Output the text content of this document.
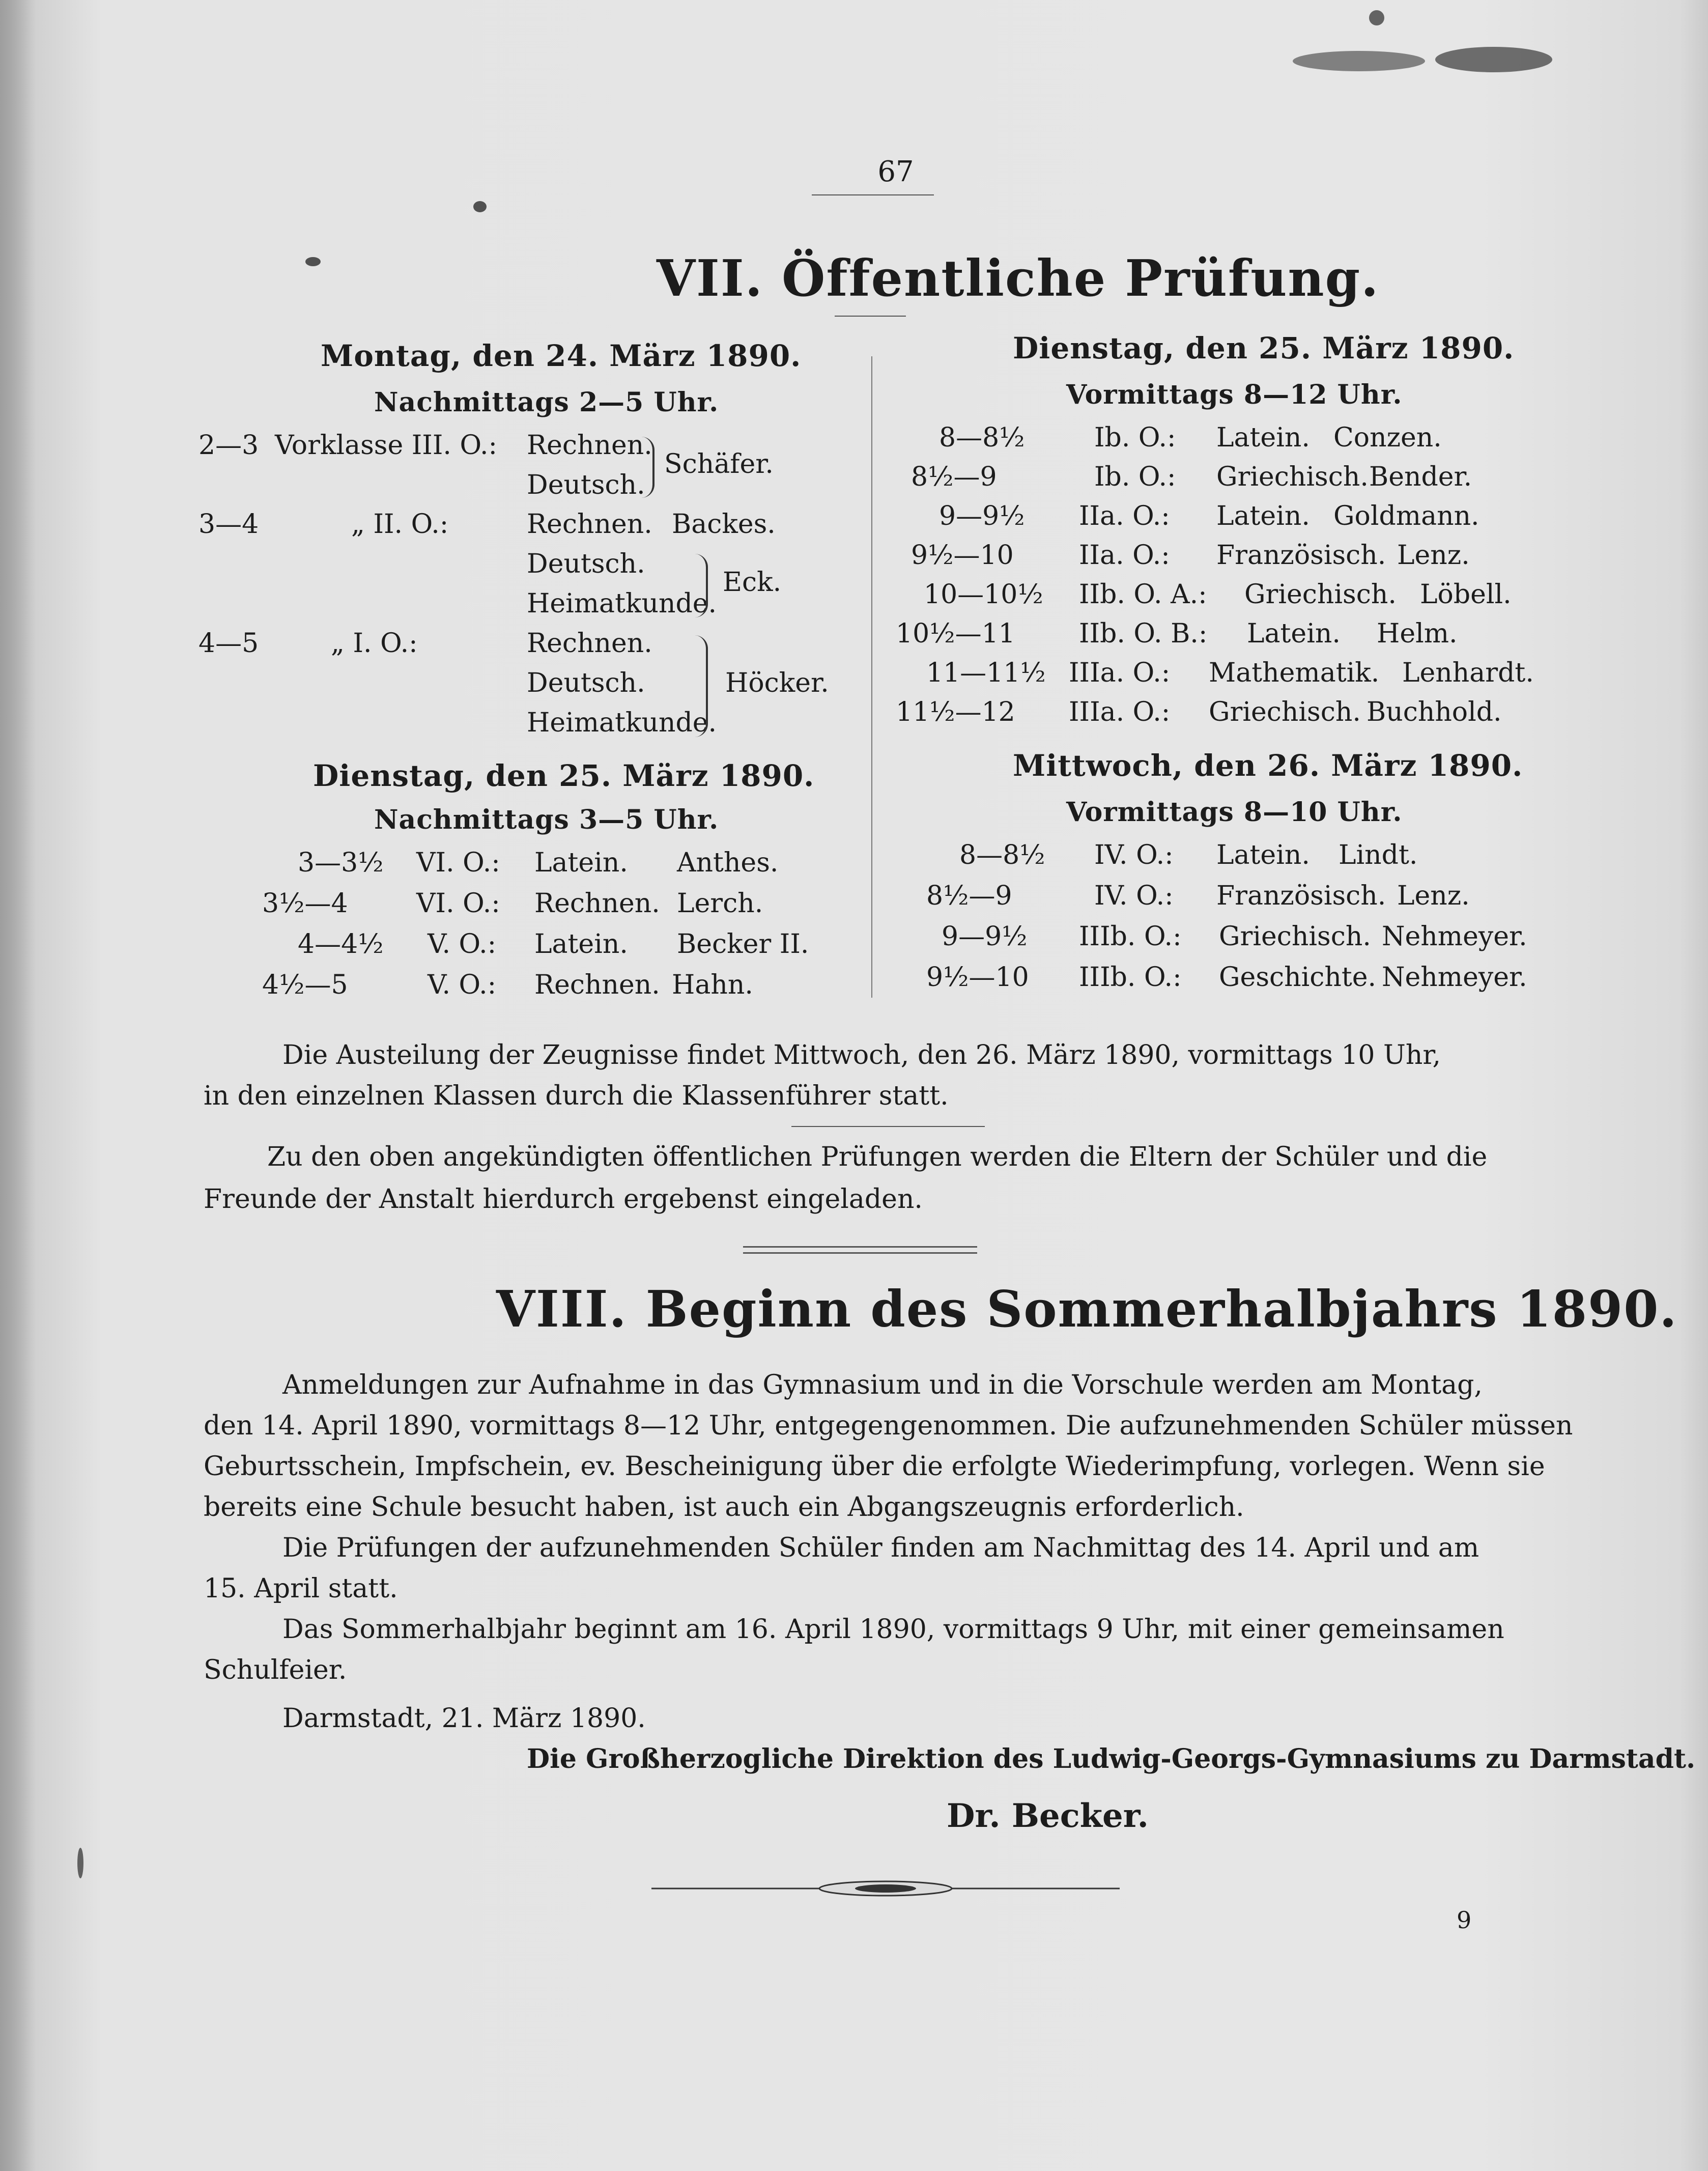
67
VII. Öffentliche Prüfung.
Montag, den 24. März 1890.
Nachmittags 2—5 Uhr.
2—3 Vorklasse III. O.: Rechnen.
Deutsch.
Schäfer.
3—4	„ II. O.:	Rechnen. Backes.
Deutsch.
Heimatkunde.
Eck.
4—5	„ I. O.:	Rechnen.
Deutsch.
Heimatkunde.
Höcker.
Dienstag, den 25. März 1890.
Nachmittags 3—5 Uhr.
3—3½ VI. O.: Latein. Anthes.
3½—4	VI. O.: Rechnen. Lerch.
4—4½ V. O.: Latein. Becker II.
4½—5	V. O.: Rechnen. Hahn.
Dienstag, den 25. März 1890.
Vormittags 8—12 Uhr.
8—8½	Ib. O.: Latein. Conzen.
8½—9	Ib. O.: Griechisch. Bender.
9—9½ IIa. O.: Latein. Goldmann.
9½—10 IIa. O.: Französisch. Lenz.
10—10½ IIb. O. A.: Griechisch. Löbell.
10½—11 IIb. O. B.: Latein. Helm.
11—11½ IIIa. O.: Mathematik. Lenhardt.
11½—12 IIIa. O.: Griechisch. Buchhold.
Mittwoch, den 26. März 1890.
Vormittags 8—10 Uhr.
8—8½ IV. O.: Latein. Lindt.
8½—9	IV. O.: Französisch. Lenz.
9—9½ IIIb. O.: Griechisch. Nehmeyer.
9½—10 IIIb. O.: Geschichte. Nehmeyer.
Die Austeilung der Zeugnisse findet Mittwoch, den 26. März 1890, vormittags 10 Uhr,
in den einzelnen Klassen durch die Klassenführer statt.
Zu den oben angekündigten öffentlichen Prüfungen werden die Eltern der Schüler und die
Freunde der Anstalt hierdurch ergebenst eingeladen.
VIII. Beginn des Sommerhalbjahrs 1890.
Anmeldungen zur Aufnahme in das Gymnasium und in die Vorschule werden am Montag,
den 14. April 1890, vormittags 8—12 Uhr, entgegengenommen. Die aufzunehmenden Schüler müssen
Geburtsschein, Impfschein, ev. Bescheinigung über die erfolgte Wiederimpfung, vorlegen. Wenn sie
bereits eine Schule besucht haben, ist auch ein Abgangszeugnis erforderlich.
Die Prüfungen der aufzunehmenden Schüler finden am Nachmittag des 14. April und am
15. April statt.
Das Sommerhalbjahr beginnt am 16. April 1890, vormittags 9 Uhr, mit einer gemeinsamen
Schulfeier.
Darmstadt, 21. März 1890.
Die Großherzogliche Direktion des Ludwig-Georgs-Gymnasiums zu Darmstadt.
Dr. Becker.
9
